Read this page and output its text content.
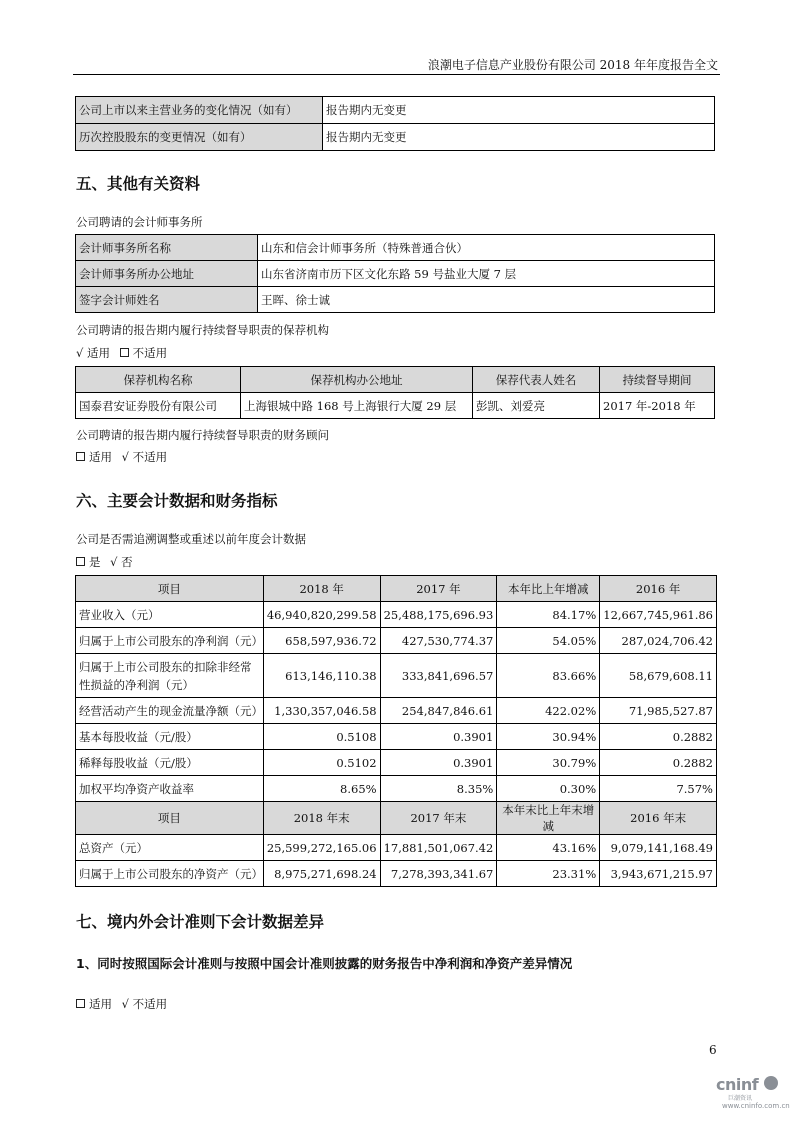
浪潮电子信息产业股份有限公司 2018 年年度报告全文
公司上市以来主营业务的变化情况（如有）	报告期内无变更
历次控股股东的变更情况（如有）	报告期内无变更
五、其他有关资料
公司聘请的会计师事务所
会计师事务所名称	山东和信会计师事务所（特殊普通合伙）
会计师事务所办公地址	山东省济南市历下区文化东路 59 号盐业大厦 7 层
签字会计师姓名	王晖、徐士诚
公司聘请的报告期内履行持续督导职责的保荐机构
√ 适用 不适用
保荐机构名称	保荐机构办公地址	保荐代表人姓名	持续督导期间
国泰君安证券股份有限公司	上海银城中路 168 号上海银行大厦 29 层	彭凯、刘爱亮	2017 年-2018 年
公司聘请的报告期内履行持续督导职责的财务顾问
适用 √ 不适用
六、主要会计数据和财务指标
公司是否需追溯调整或重述以前年度会计数据
是 √ 否
项目	2018 年	2017 年	本年比上年增减	2016 年
营业收入（元）	46,940,820,299.58	25,488,175,696.93	84.17%	12,667,745,961.86
归属于上市公司股东的净利润（元）	658,597,936.72	427,530,774.37	54.05%	287,024,706.42
归属于上市公司股东的扣除非经常性损益的净利润（元）	613,146,110.38	333,841,696.57	83.66%	58,679,608.11
经营活动产生的现金流量净额（元）	1,330,357,046.58	254,847,846.61	422.02%	71,985,527.87
基本每股收益（元/股）	0.5108	0.3901	30.94%	0.2882
稀释每股收益（元/股）	0.5102	0.3901	30.79%	0.2882
加权平均净资产收益率	8.65%	8.35%	0.30%	7.57%
项目	2018 年末	2017 年末	本年末比上年末增减	2016 年末
总资产（元）	25,599,272,165.06	17,881,501,067.42	43.16%	9,079,141,168.49
归属于上市公司股东的净资产（元）	8,975,271,698.24	7,278,393,341.67	23.31%	3,943,671,215.97
七、境内外会计准则下会计数据差异
1、同时按照国际会计准则与按照中国会计准则披露的财务报告中净利润和净资产差异情况
适用 √ 不适用
6
cninf
巨潮资讯
www.cninfo.com.cn
